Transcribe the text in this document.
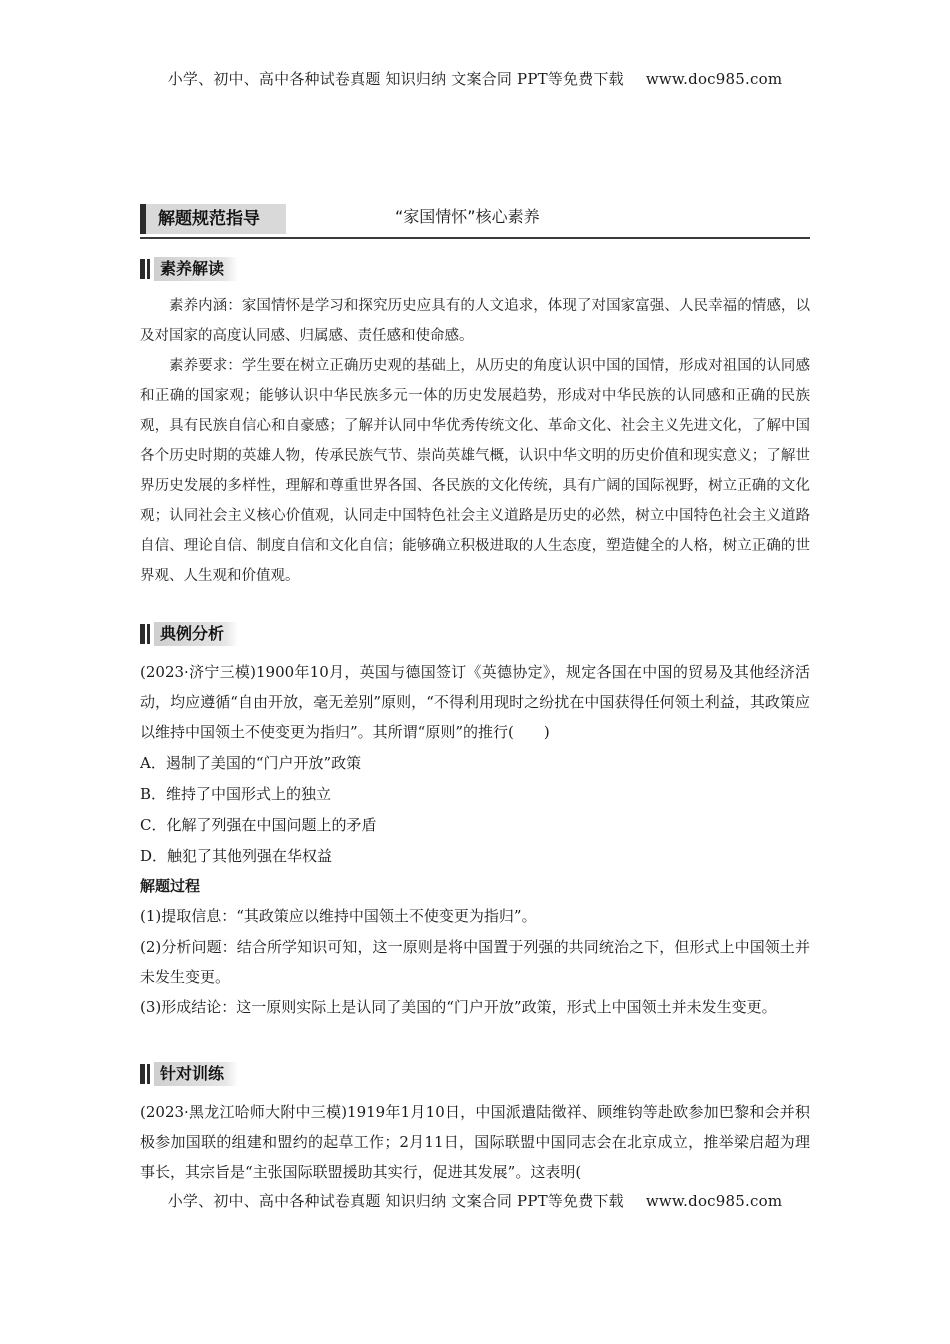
小学、初中、高中各种试卷真题 知识归纳 文案合同 PPT等免费下载 www.doc985.com
解题规范指导	“家国情怀”核心素养
素养解读
素养内涵：家国情怀是学习和探究历史应具有的人文追求，体现了对国家富强、人民幸福的情感，以及对国家的高度认同感、归属感、责任感和使命感。
素养要求：学生要在树立正确历史观的基础上，从历史的角度认识中国的国情，形成对祖国的认同感和正确的国家观；能够认识中华民族多元一体的历史发展趋势，形成对中华民族的认同感和正确的民族观，具有民族自信心和自豪感；了解并认同中华优秀传统文化、革命文化、社会主义先进文化，了解中国各个历史时期的英雄人物，传承民族气节、崇尚英雄气概，认识中华文明的历史价值和现实意义；了解世界历史发展的多样性，理解和尊重世界各国、各民族的文化传统，具有广阔的国际视野，树立正确的文化观；认同社会主义核心价值观，认同走中国特色社会主义道路是历史的必然，树立中国特色社会主义道路自信、理论自信、制度自信和文化自信；能够确立积极进取的人生态度，塑造健全的人格，树立正确的世界观、人生观和价值观。
典例分析
(2023·济宁三模)1900年10月，英国与德国签订《英德协定》，规定各国在中国的贸易及其他经济活动，均应遵循“自由开放，毫无差别”原则，“不得利用现时之纷扰在中国获得任何领土利益，其政策应以维持中国领土不使变更为指归”。其所谓“原则”的推行(　　)
A．遏制了美国的“门户开放”政策
B．维持了中国形式上的独立
C．化解了列强在中国问题上的矛盾
D．触犯了其他列强在华权益
解题过程
(1)提取信息：“其政策应以维持中国领土不使变更为指归”。
(2)分析问题：结合所学知识可知，这一原则是将中国置于列强的共同统治之下，但形式上中国领土并未发生变更。
(3)形成结论：这一原则实际上是认同了美国的“门户开放”政策，形式上中国领土并未发生变更。
针对训练
(2023·黑龙江哈师大附中三模)1919年1月10日，中国派遣陆徵祥、顾维钧等赴欧参加巴黎和会并积极参加国联的组建和盟约的起草工作；2月11日，国际联盟中国同志会在北京成立，推举梁启超为理事长，其宗旨是“主张国际联盟援助其实行，促进其发展”。这表明(
小学、初中、高中各种试卷真题 知识归纳 文案合同 PPT等免费下载 www.doc985.com
